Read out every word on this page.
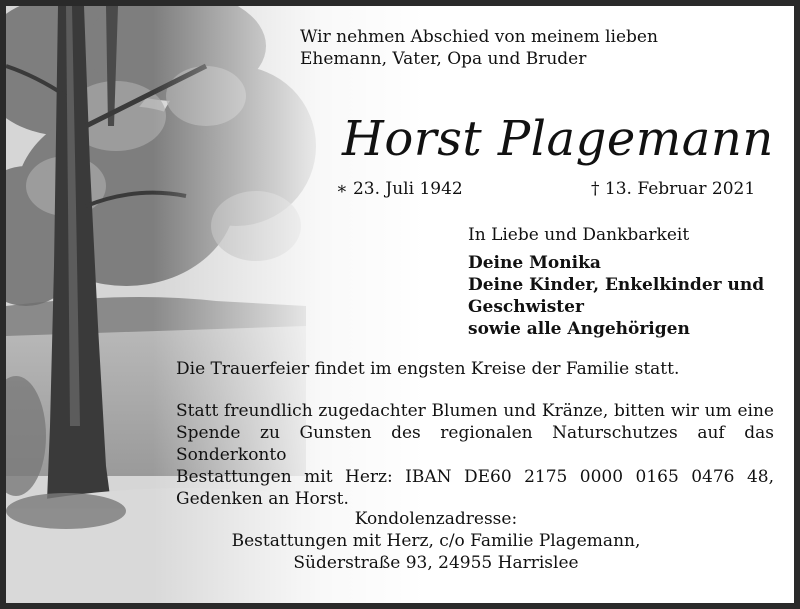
Wir nehmen Abschied von meinem lieben
Ehemann, Vater, Opa und Bruder
Horst Plagemann
∗ 23. Juli 1942	† 13. Februar 2021
In Liebe und Dankbarkeit
Deine Monika
Deine Kinder, Enkelkinder und
Geschwister
sowie alle Angehörigen
Die Trauerfeier findet im engsten Kreise der Familie statt.
Statt freundlich zugedachter Blumen und Kränze, bitten wir um eine
Spende zu Gunsten des regionalen Naturschutzes auf das Sonderkonto
Bestattungen mit Herz: IBAN DE60 2175 0000 0165 0476 48,
Gedenken an Horst.
Kondolenzadresse:
Bestattungen mit Herz, c/o Familie Plagemann,
Süderstraße 93, 24955 Harrislee
